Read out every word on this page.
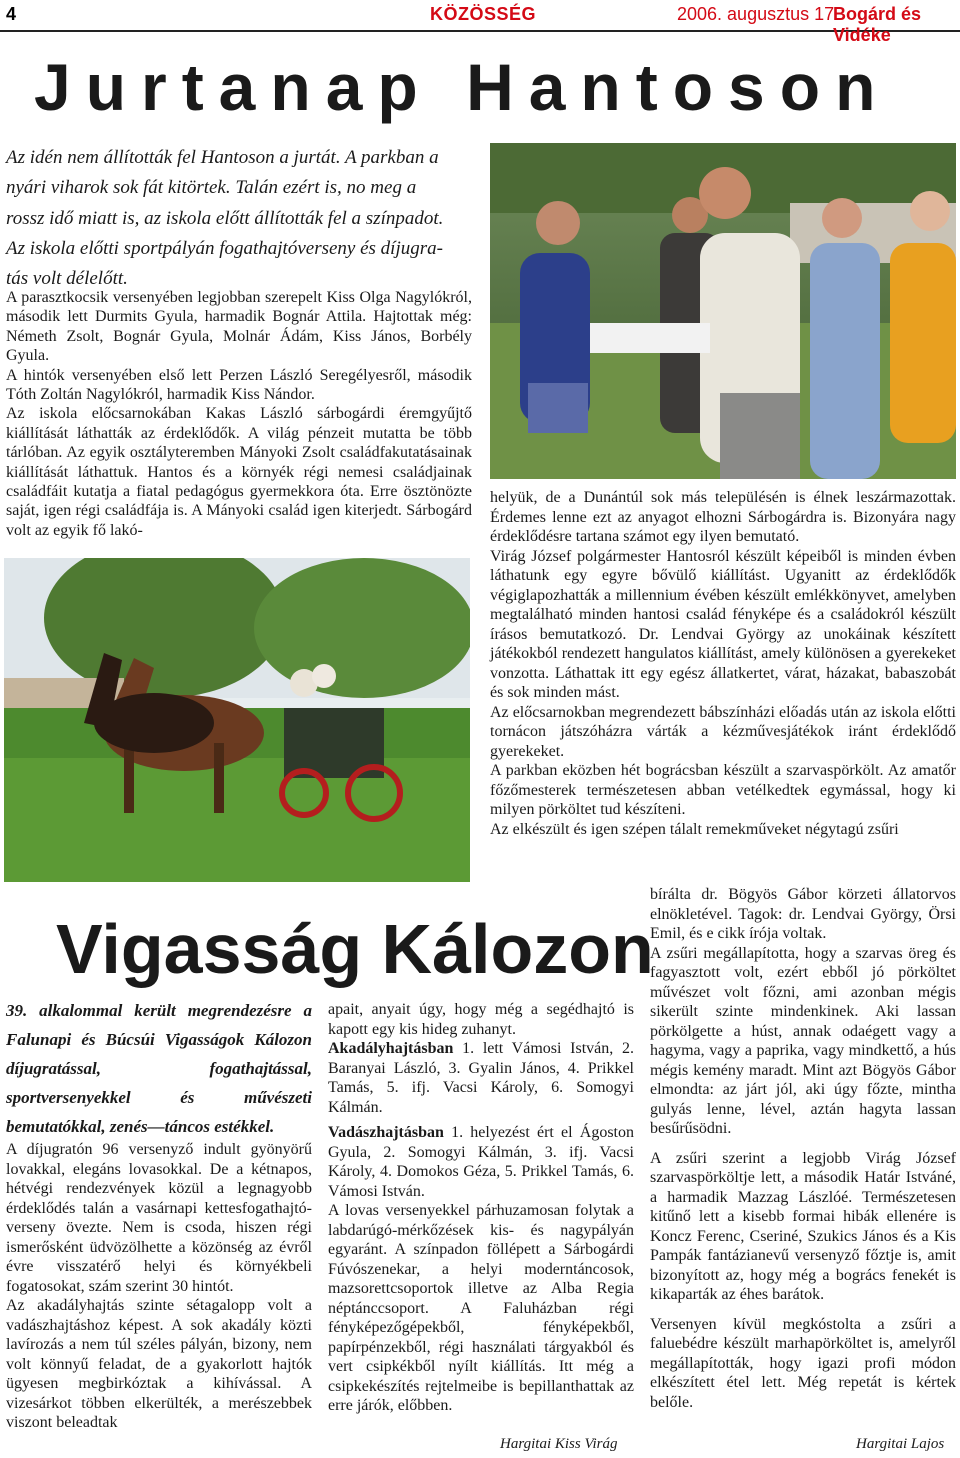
4	KÖZÖSSÉG	2006. augusztus 17.
Bogárd és Vidéke
Jurtanap Hantoson

Az idén nem állították fel Hantoson a jurtát. A parkban a

nyári viharok sok fát kitörtek. Talán ezért is, no meg a

rossz idő miatt is, az iskola előtt állították fel a színpadot.

Az iskola előtti sportpályán fogathajtóverseny és díjugra-

tás volt délelőtt.

A parasztkocsik versenyében legjobban szerepelt Kiss Olga Nagylókról, második lett Durmits Gyula, harmadik Bognár Attila. Hajtottak még: Németh Zsolt, Bognár Gyula, Molnár Ádám, Kiss János, Borbély Gyula.

A hintók versenyében első lett Perzen László Seregélyesről, második Tóth Zoltán Nagylókról, harmadik Kiss Nándor.

Az iskola előcsarnokában Kakas László sárbogárdi éremgyűjtő kiállítását láthatták az érdeklődők. A világ pénzeit mutatta be több tárlóban. Az egyik osztályteremben Mányoki Zsolt családfakutatásainak kiállítását láthattuk. Hantos és a környék régi nemesi családjainak családfáit kutatja a fiatal pedagógus gyermekkora óta. Erre ösztönözte saját, igen régi családfája is. A Mányoki család igen kiterjedt. Sárbogárd volt az egyik fő lakó-

helyük, de a Dunántúl sok más településén is élnek leszármazottak. Érdemes lenne ezt az anyagot elhozni Sárbogárdra is. Bizonyára nagy érdeklődésre tartana számot egy ilyen bemutató.

Virág József polgármester Hantosról készült képeiből is minden évben láthatunk egy egyre bővülő kiállítást. Ugyanitt az érdeklődők végiglapozhatták a millennium évében készült emlékkönyvet, amelyben megtalálható minden hantosi család fényképe és a családokról készült írásos bemutatkozó. Dr. Lendvai György az unokáinak készített játékokból rendezett hangulatos kiállítást, amely különösen a gyerekeket vonzotta. Láthattak itt egy egész állatkertet, várat, házakat, babaszobát és sok minden mást.

Az előcsarnokban megrendezett bábszínházi előadás után az iskola előtti tornácon játszóházra várták a kézművesjátékok iránt érdeklődő gyerekeket.

A parkban eközben hét bográcsban készült a szarvaspörkölt. Az amatőr főzőmesterek természetesen abban vetélkedtek egymással, hogy ki milyen pörköltet tud készíteni.

Az elkészült és igen szépen tálalt remekműveket négytagú zsűri

bírálta dr. Bögyös Gábor körzeti állatorvos elnökletével. Tagok: dr. Lendvai György, Örsi Emil, és e cikk írója voltak.

A zsűri megállapította, hogy a szarvas öreg és fagyasztott volt, ezért ebből jó pörköltet művészet volt főzni, ami azonban mégis sikerült szinte mindenkinek. Aki lassan pörkölgette a húst, annak odaégett vagy a hagyma, vagy a paprika, vagy mindkettő, a hús mégis kemény maradt. Mint azt Bögyös Gábor elmondta: az járt jól, aki úgy főzte, mintha gulyás lenne, lével, aztán hagyta lassan besűrűsödni.

A zsűri szerint a legjobb Virág József szarvaspörköltje lett, a második Határ Istváné, a harmadik Mazzag Lászlóé. Természetesen kitűnő lett a kisebb formai hibák ellenére is Koncz Ferenc, Cseriné, Szukics János és a Kis Pampák fantázianevű versenyző főztje is, amit bizonyított az, hogy még a bogrács fenekét is kikaparták az éhes barátok.

Versenyen kívül megkóstolta a zsűri a faluebédre készült marhapörköltet is, amelyről megállapították, hogy igazi profi módon elkészített étel lett. Még repetát is kértek belőle.

Hargitai Lajos
Vigasság Kálozon
39. alkalommal került megrendezésre a Falunapi és Búcsúi Vigasságok Kálozon díjugratással, fogathajtással, sportversenyekkel és művészeti bemutatókkal, zenés—táncos estékkel.

A díjugratón 96 versenyző indult gyönyörű lovakkal, elegáns lovasokkal. De a kétnapos, hétvégi rendezvények közül a legnagyobb érdeklődés talán a vasárnapi kettesfogathajtó-verseny övezte. Nem is csoda, hiszen régi ismerősként üdvözölhette a közönség az évről évre visszatérő helyi és környékbeli fogatosokat, szám szerint 30 hintót.

Az akadályhajtás szinte sétagalopp volt a vadászhajtáshoz képest. A sok akadály közti lavírozás a nem túl széles pályán, bizony, nem volt könnyű feladat, de a gyakorlott hajtók ügyesen megbirkóztak a kihívással. A vizesárkot többen elkerülték, a merészebbek viszont beleadtak

apait, anyait úgy, hogy még a segédhajtó is kapott egy kis hideg zuhanyt.

Akadályhajtásban 1. lett Vámosi István, 2. Baranyai László, 3. Gyalin János, 4. Prikkel Tamás, 5. ifj. Vacsi Károly, 6. Somogyi Kálmán.

Vadászhajtásban 1. helyezést ért el Ágoston Gyula, 2. Somogyi Kálmán, 3. ifj. Vacsi Károly, 4. Domokos Géza, 5. Prikkel Tamás, 6. Vámosi István.

A lovas versenyekkel párhuzamosan folytak a labdarúgó-mérkőzések kis- és nagypályán egyaránt. A színpadon föllépett a Sárbogárdi Fúvószenekar, a helyi moderntáncosok, mazsorettcsoportok illetve az Alba Regia néptánccsoport. A Faluházban régi fényképezőgépekből, fényképekből, papírpénzekből, régi használati tárgyakból és vert csipkékből nyílt kiállítás. Itt még a csipkekészítés rejtelmeibe is bepillanthattak az erre járók, előbben.

Hargitai Kiss Virág
